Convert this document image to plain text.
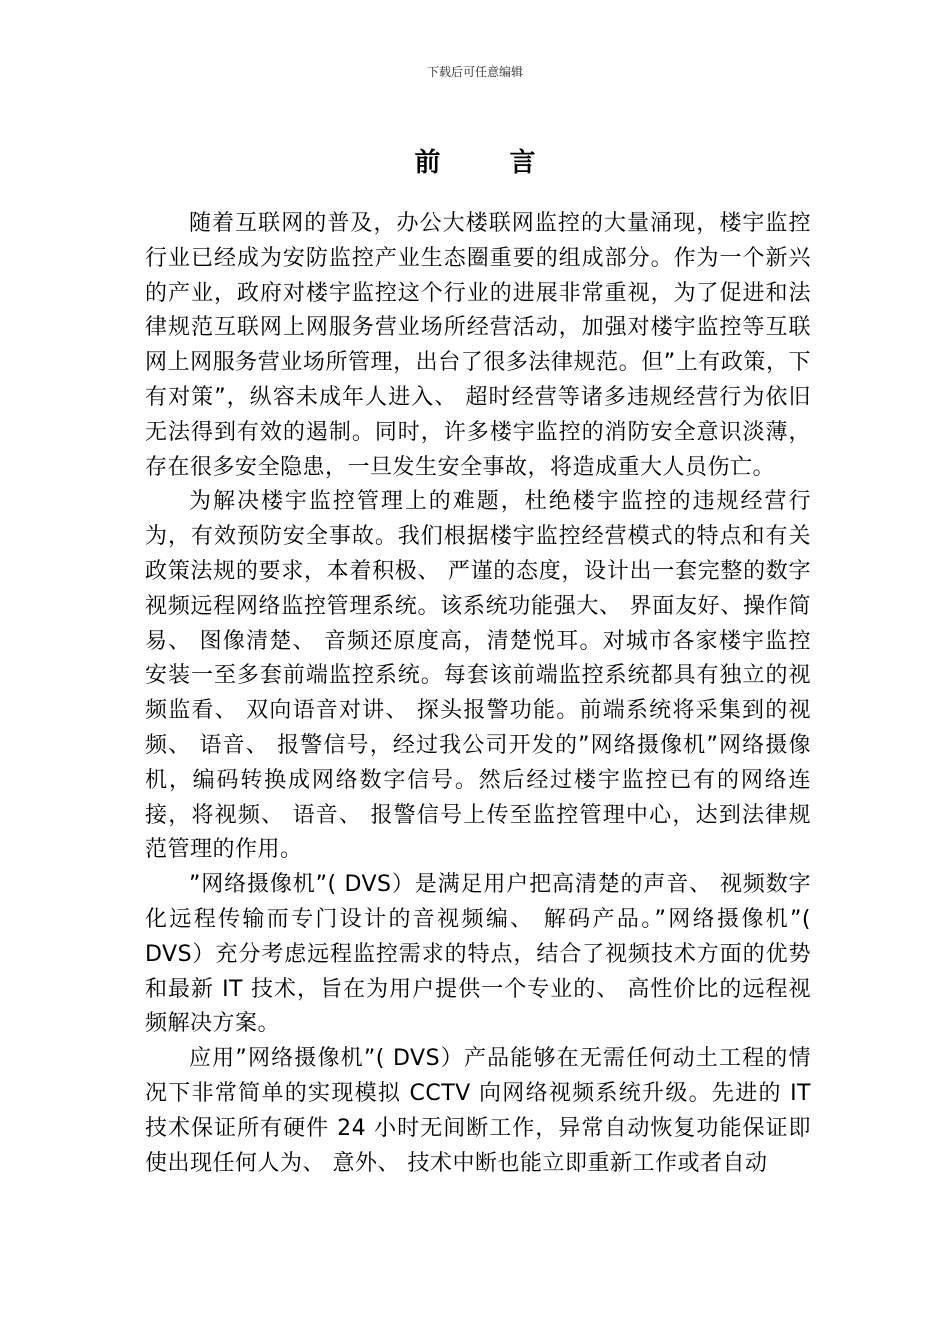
下载后可任意编辑
前 言

随着互联网的普及，办公大楼联网监控的大量涌现，楼宇监控行业已经成为安防监控产业生态圈重要的组成部分。作为一个新兴的产业，政府对楼宇监控这个行业的进展非常重视，为了促进和法律规范互联网上网服务营业场所经营活动，加强对楼宇监控等互联网上网服务营业场所管理，出台了很多法律规范。但”上有政策，下有对策”，纵容未成年人进入、 超时经营等诸多违规经营行为依旧无法得到有效的遏制。同时，许多楼宇监控的消防安全意识淡薄，存在很多安全隐患，一旦发生安全事故，将造成重大人员伤亡。

为解决楼宇监控管理上的难题，杜绝楼宇监控的违规经营行为，有效预防安全事故。我们根据楼宇监控经营模式的特点和有关政策法规的要求，本着积极、 严谨的态度，设计出一套完整的数字视频远程网络监控管理系统。该系统功能强大、 界面友好、操作简易、 图像清楚、 音频还原度高，清楚悦耳。对城市各家楼宇监控安装一至多套前端监控系统。每套该前端监控系统都具有独立的视频监看、 双向语音对讲、 探头报警功能。前端系统将采集到的视频、 语音、 报警信号，经过我公司开发的”网络摄像机”网络摄像机，编码转换成网络数字信号。然后经过楼宇监控已有的网络连接，将视频、 语音、 报警信号上传至监控管理中心，达到法律规范管理的作用。

”网络摄像机”( DVS）是满足用户把高清楚的声音、 视频数字化远程传输而专门设计的音视频编、 解码产品。”网络摄像机”( DVS）充分考虑远程监控需求的特点，结合了视频技术方面的优势和最新 IT 技术，旨在为用户提供一个专业的、 高性价比的远程视频解决方案。

应用”网络摄像机”( DVS）产品能够在无需任何动土工程的情况下非常简单的实现模拟 CCTV 向网络视频系统升级。先进的 IT 技术保证所有硬件 24 小时无间断工作，异常自动恢复功能保证即使出现任何人为、 意外、 技术中断也能立即重新工作或者自动
